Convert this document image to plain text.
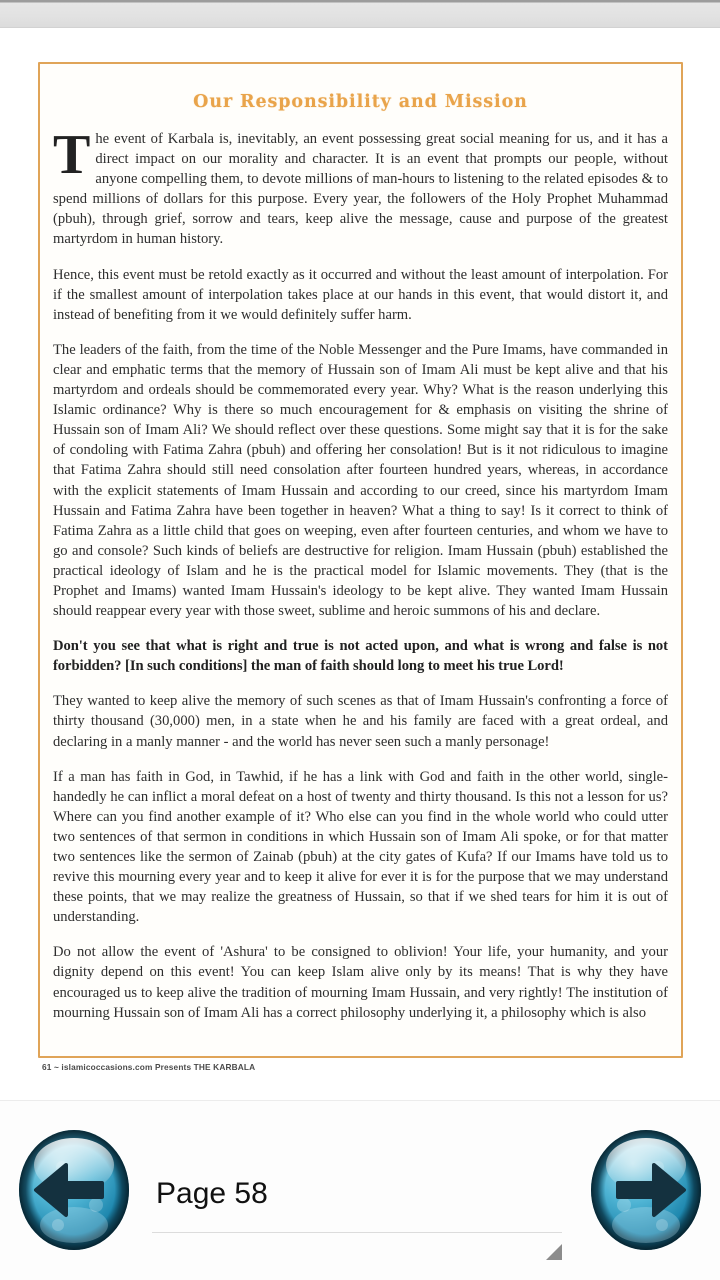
Our Responsibility and Mission

The event of Karbala is, inevitably, an event possessing great social meaning for us, and it has a direct impact on our morality and character. It is an event that prompts our people, without anyone compelling them, to devote millions of man-hours to listening to the related episodes & to spend millions of dollars for this purpose. Every year, the followers of the Holy Prophet Muhammad (pbuh), through grief, sorrow and tears, keep alive the message, cause and purpose of the greatest martyrdom in human history.

Hence, this event must be retold exactly as it occurred and without the least amount of interpolation. For if the smallest amount of interpolation takes place at our hands in this event, that would distort it, and instead of benefiting from it we would definitely suffer harm.

The leaders of the faith, from the time of the Noble Messenger and the Pure Imams, have commanded in clear and emphatic terms that the memory of Hussain son of Imam Ali must be kept alive and that his martyrdom and ordeals should be commemorated every year. Why? What is the reason underlying this Islamic ordinance? Why is there so much encouragement for & emphasis on visiting the shrine of Hussain son of Imam Ali? We should reflect over these questions. Some might say that it is for the sake of condoling with Fatima Zahra (pbuh) and offering her consolation! But is it not ridiculous to imagine that Fatima Zahra should still need consolation after fourteen hundred years, whereas, in accordance with the explicit statements of Imam Hussain and according to our creed, since his martyrdom Imam Hussain and Fatima Zahra have been together in heaven? What a thing to say! Is it correct to think of Fatima Zahra as a little child that goes on weeping, even after fourteen centuries, and whom we have to go and console? Such kinds of beliefs are destructive for religion. Imam Hussain (pbuh) established the practical ideology of Islam and he is the practical model for Islamic movements. They (that is the Prophet and Imams) wanted Imam Hussain's ideology to be kept alive. They wanted Imam Hussain should reappear every year with those sweet, sublime and heroic summons of his and declare.

Don't you see that what is right and true is not acted upon, and what is wrong and false is not forbidden? [In such conditions] the man of faith should long to meet his true Lord!

They wanted to keep alive the memory of such scenes as that of Imam Hussain's confronting a force of thirty thousand (30,000) men, in a state when he and his family are faced with a great ordeal, and declaring in a manly manner - and the world has never seen such a manly personage!

If a man has faith in God, in Tawhid, if he has a link with God and faith in the other world, single-handedly he can inflict a moral defeat on a host of twenty and thirty thousand. Is this not a lesson for us? Where can you find another example of it? Who else can you find in the whole world who could utter two sentences of that sermon in conditions in which Hussain son of Imam Ali spoke, or for that matter two sentences like the sermon of Zainab (pbuh) at the city gates of Kufa? If our Imams have told us to revive this mourning every year and to keep it alive for ever it is for the purpose that we may understand these points, that we may realize the greatness of Hussain, so that if we shed tears for him it is out of understanding.

Do not allow the event of 'Ashura' to be consigned to oblivion! Your life, your humanity, and your dignity depend on this event! You can keep Islam alive only by its means! That is why they have encouraged us to keep alive the tradition of mourning Imam Hussain, and very rightly! The institution of mourning Hussain son of Imam Ali has a correct philosophy underlying it, a philosophy which is also

61 ~ islamicoccasions.com Presents THE KARBALA
Page 58
